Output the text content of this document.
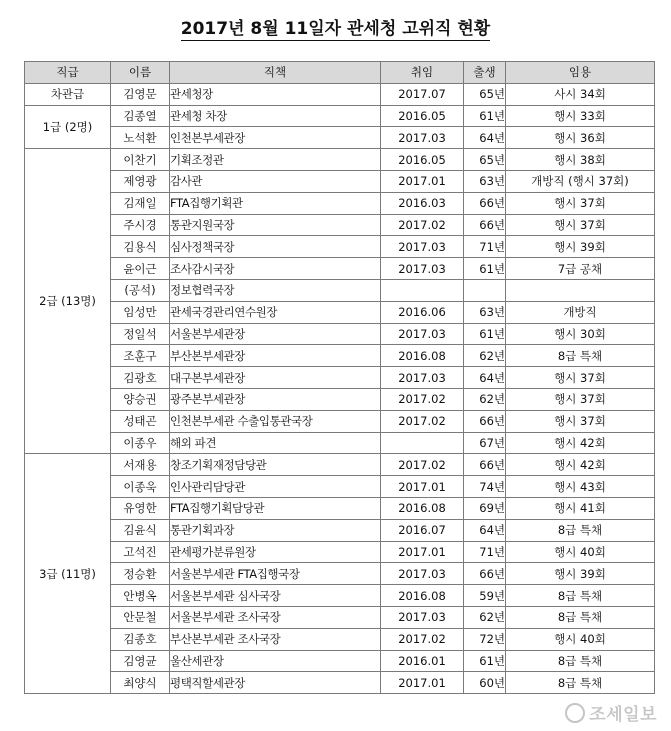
2017년 8월 11일자 관세청 고위직 현황
직급	이름	직책	취임	출생	임용
차관급	김영문	관세청장	2017.07	65년	사시 34회
1급 (2명)	김종열	관세청 차장	2016.05	61년	행시 33회
	노석환	인천본부세관장	2017.03	64년	행시 36회
2급 (13명)	이찬기	기획조정관	2016.05	65년	행시 38회
	제영광	감사관	2017.01	63년	개방직 (행시 37회)
	김재일	FTA집행기획관	2016.03	66년	행시 37회
	주시경	통관지원국장	2017.02	66년	행시 37회
	김용식	심사정책국장	2017.03	71년	행시 39회
	윤이근	조사감시국장	2017.03	61년	7급 공채
	(공석)	정보협력국장			
	임성만	관세국경관리연수원장	2016.06	63년	개방직
	정일석	서울본부세관장	2017.03	61년	행시 30회
	조훈구	부산본부세관장	2016.08	62년	8급 특채
	김광호	대구본부세관장	2017.03	64년	행시 37회
	양승권	광주본부세관장	2017.02	62년	행시 37회
	성태곤	인천본부세관 수출입통관국장	2017.02	66년	행시 37회
	이종우	해외 파견		67년	행시 42회
3급 (11명)	서재용	창조기획재정담당관	2017.02	66년	행시 42회
	이종욱	인사관리담당관	2017.01	74년	행시 43회
	유영한	FTA집행기획담당관	2016.08	69년	행시 41회
	김윤식	통관기획과장	2016.07	64년	8급 특채
	고석진	관세평가분류원장	2017.01	71년	행시 40회
	정승환	서울본부세관 FTA집행국장	2017.03	66년	행시 39회
	안병옥	서울본부세관 심사국장	2016.08	59년	8급 특채
	안문철	서울본부세관 조사국장	2017.03	62년	8급 특채
	김종호	부산본부세관 조사국장	2017.02	72년	행시 40회
	김영균	울산세관장	2016.01	61년	8급 특채
	최양식	평택직할세관장	2017.01	60년	8급 특채
조세일보
